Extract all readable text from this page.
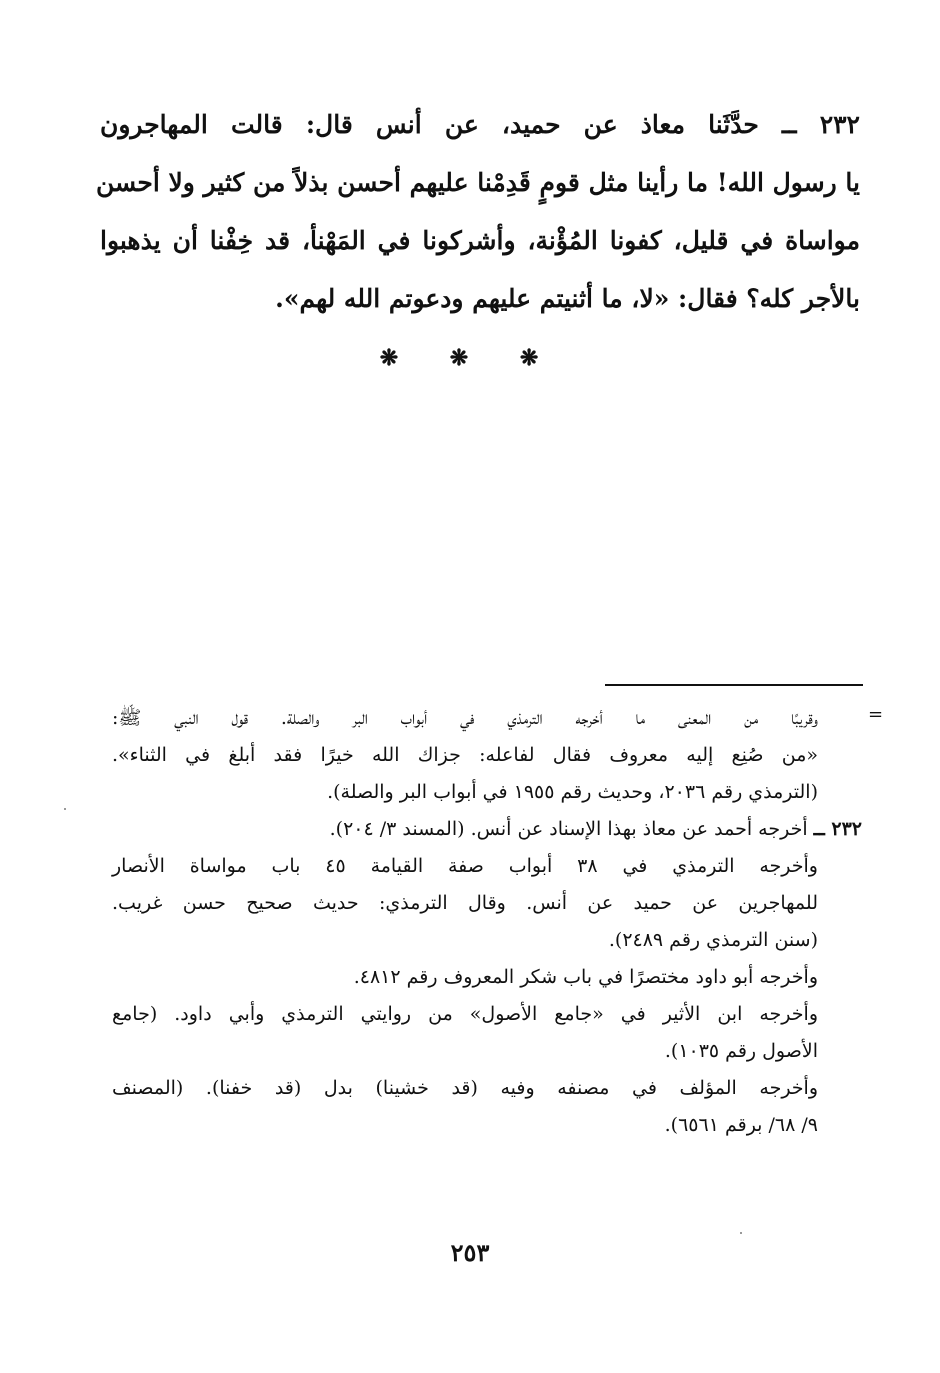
٢٣٢ ــ حدَّثَنا معاذ عن حميد، عن أنس قال: قالت المهاجرون
يا رسول الله! ما رأينا مثل قومٍ قَدِمْنا عليهم أحسن بذلاً من كثير ولا أحسن
مواساة في قليل، كفونا المُؤْنة، وأشركونا في المَهْنأ، قد خِفْنا أن يذهبوا
بالأجر كله؟ فقال: «لا، ما أثنيتم عليهم ودعوتم الله لهم».
❋ ❋ ❋
=
وقريبًا من المعنى ما أخرجه الترمذي في أبواب البر والصلة. قول النبي ﷺ:
«من صُنِع إليه معروف فقال لفاعله: جزاك الله خيرًا فقد أبلغ في الثناء».
(الترمذي رقم ٢٠٣٦، وحديث رقم ١٩٥٥ في أبواب البر والصلة).
٢٣٢ ــأخرجه أحمد عن معاذ بهذا الإسناد عن أنس. (المسند ٣/ ٢٠٤).
وأخرجه الترمذي في ٣٨ أبواب صفة القيامة ٤٥ باب مواساة الأنصار
للمهاجرين عن حميد عن أنس. وقال الترمذي: حديث صحيح حسن غريب.
(سنن الترمذي رقم ٢٤٨٩).
وأخرجه أبو داود مختصرًا في باب شكر المعروف رقم ٤٨١٢.
وأخرجه ابن الأثير في «جامع الأصول» من روايتي الترمذي وأبي داود. (جامع
الأصول رقم ١٠٣٥).
وأخرجه المؤلف في مصنفه وفيه (قد خشينا) بدل (قد خفنا). (المصنف
٩/ ٦٨/ برقم ٦٥٦١).
٢٥٣
